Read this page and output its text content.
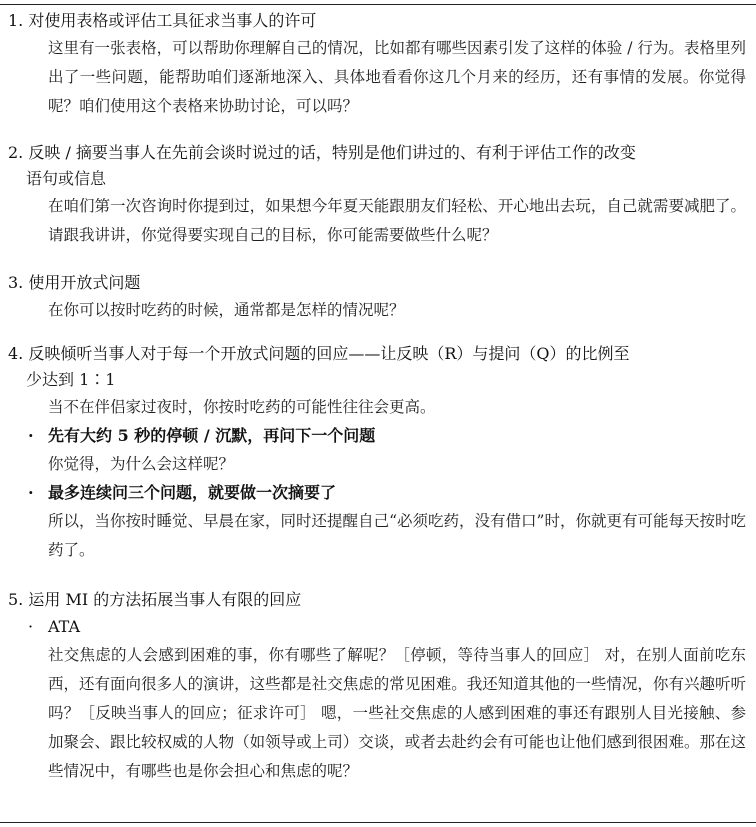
1. 对使用表格或评估工具征求当事人的许可

这里有一张表格，可以帮助你理解自己的情况，比如都有哪些因素引发了这样的体验 / 行为。表格里列出了一些问题，能帮助咱们逐渐地深入、具体地看看你这几个月来的经历，还有事情的发展。你觉得呢？咱们使用这个表格来协助讨论，可以吗？

2. 反映 / 摘要当事人在先前会谈时说过的话，特别是他们讲过的、有利于评估工作的改变

语句或信息

在咱们第一次咨询时你提到过，如果想今年夏天能跟朋友们轻松、开心地出去玩，自己就需要减肥了。请跟我讲讲，你觉得要实现自己的目标，你可能需要做些什么呢？

3. 使用开放式问题

在你可以按时吃药的时候，通常都是怎样的情况呢？

4. 反映倾听当事人对于每一个开放式问题的回应——让反映（R）与提问（Q）的比例至

少达到 1∶1

当不在伴侣家过夜时，你按时吃药的可能性往往会更高。

· 先有大约 5 秒的停顿 / 沉默，再问下一个问题

你觉得，为什么会这样呢？

· 最多连续问三个问题，就要做一次摘要了

所以，当你按时睡觉、早晨在家，同时还提醒自己“必须吃药，没有借口”时，你就更有可能每天按时吃药了。

5. 运用 MI 的方法拓展当事人有限的回应

· ATA

社交焦虑的人会感到困难的事，你有哪些了解呢？［停顿，等待当事人的回应］ 对，在别人面前吃东西，还有面向很多人的演讲，这些都是社交焦虑的常见困难。我还知道其他的一些情况，你有兴趣听听吗？［反映当事人的回应；征求许可］ 嗯，一些社交焦虑的人感到困难的事还有跟别人目光接触、参加聚会、跟比较权威的人物（如领导或上司）交谈，或者去赴约会有可能也让他们感到很困难。那在这些情况中，有哪些也是你会担心和焦虑的呢？
